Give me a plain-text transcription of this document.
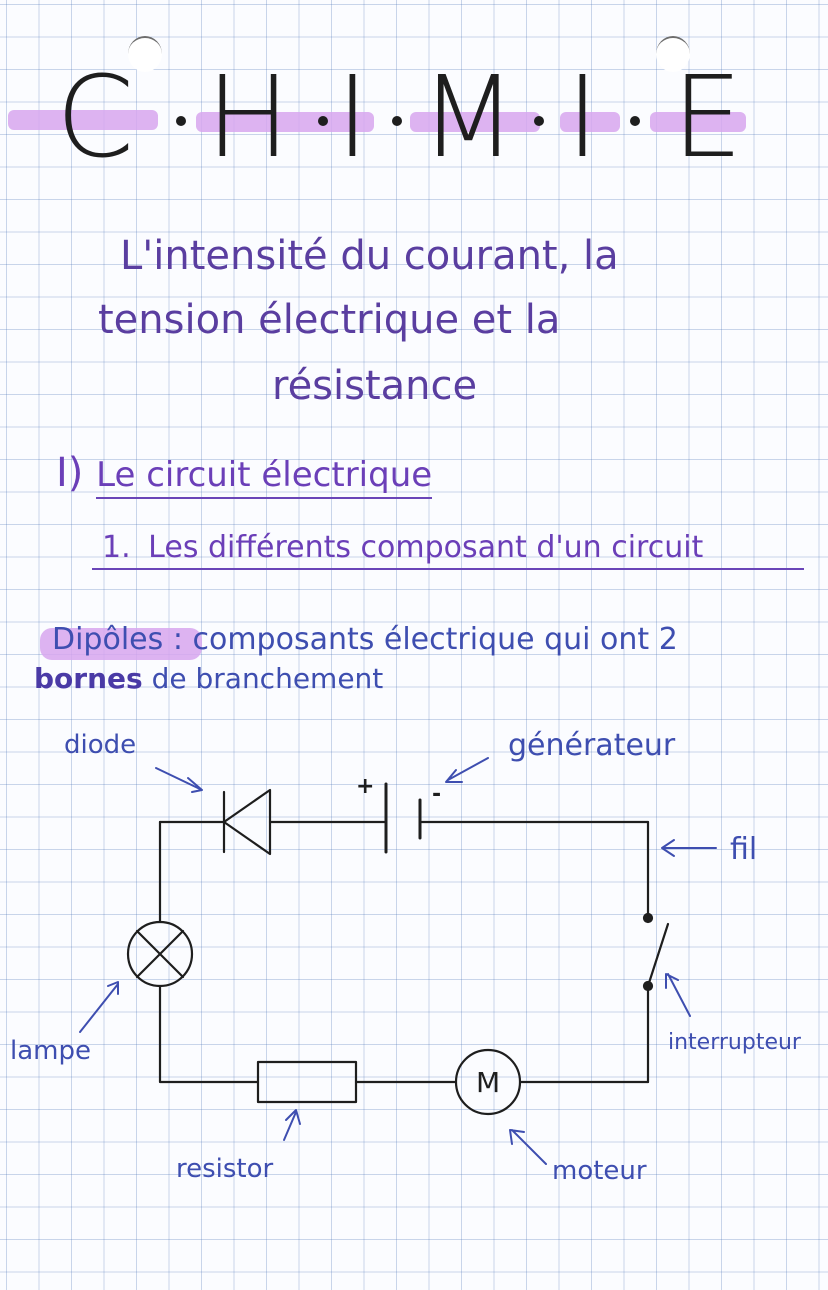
C H I M I E
L'intensité du courant, la
tension électrique et la
résistance
I) Le circuit électrique
1. Les différents composant d'un circuit
Dipôles : composants électrique qui ont 2
bornes de branchement
+	-
M
diode	générateur
fil
lampe	interrupteur
resistor	moteur
